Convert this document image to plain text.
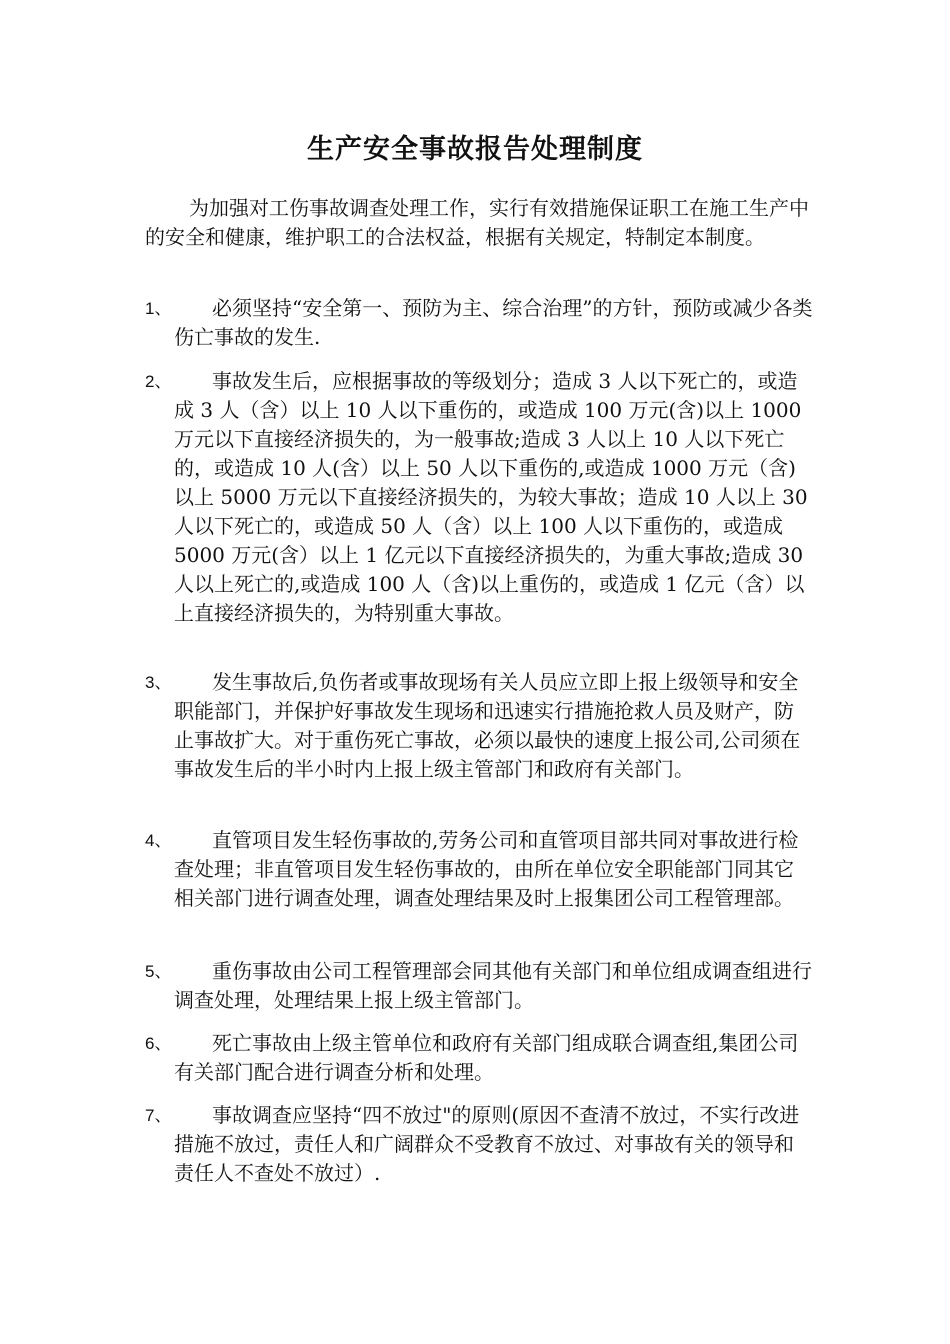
生产安全事故报告处理制度

为加强对工伤事故调查处理工作，实行有效措施保证职工在施工生产中的安全和健康，维护职工的合法权益，根据有关规定，特制定本制度。

1、	必须坚持“安全第一、预防为主、综合治理”的方针，预防或减少各类伤亡事故的发生.
2、	事故发生后，应根据事故的等级划分；造成 3 人以下死亡的，或造成 3 人（含）以上 10 人以下重伤的，或造成 100 万元(含)以上 1000 万元以下直接经济损失的，为一般事故;造成 3 人以上 10 人以下死亡的，或造成 10 人(含）以上 50 人以下重伤的,或造成 1000 万元（含)以上 5000 万元以下直接经济损失的，为较大事故；造成 10 人以上 30 人以下死亡的，或造成 50 人（含）以上 100 人以下重伤的，或造成 5000 万元(含）以上 1 亿元以下直接经济损失的，为重大事故;造成 30 人以上死亡的,或造成 100 人（含)以上重伤的，或造成 1 亿元（含）以上直接经济损失的，为特别重大事故。
3、	发生事故后,负伤者或事故现场有关人员应立即上报上级领导和安全职能部门，并保护好事故发生现场和迅速实行措施抢救人员及财产，防止事故扩大。对于重伤死亡事故，必须以最快的速度上报公司,公司须在事故发生后的半小时内上报上级主管部门和政府有关部门。
4、	直管项目发生轻伤事故的,劳务公司和直管项目部共同对事故进行检查处理；非直管项目发生轻伤事故的，由所在单位安全职能部门同其它相关部门进行调查处理，调查处理结果及时上报集团公司工程管理部。
5、	重伤事故由公司工程管理部会同其他有关部门和单位组成调查组进行调查处理，处理结果上报上级主管部门。
6、	死亡事故由上级主管单位和政府有关部门组成联合调查组,集团公司有关部门配合进行调查分析和处理。
7、	事故调查应坚持“四不放过"的原则(原因不查清不放过，不实行改进措施不放过，责任人和广阔群众不受教育不放过、对事故有关的领导和责任人不查处不放过）.
